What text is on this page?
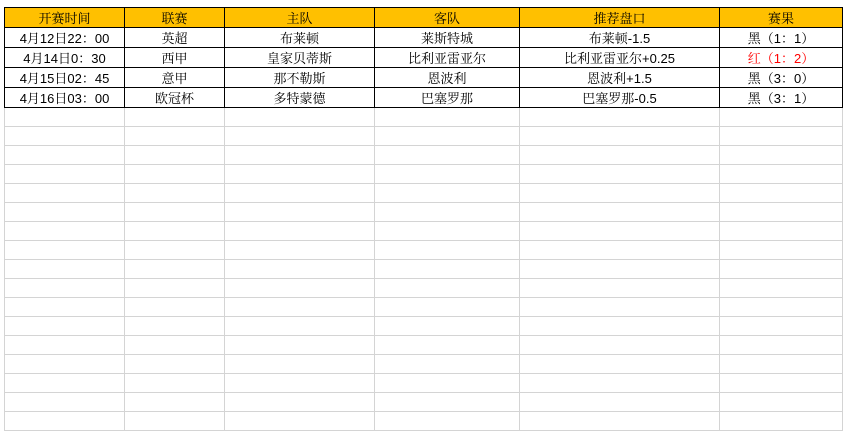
开赛时间	联赛	主队	客队	推荐盘口	赛果
4月12日22：00	英超	布莱顿	莱斯特城	布莱顿-1.5	黑（1：1）
4月14日0：30	西甲	皇家贝蒂斯	比利亚雷亚尔	比利亚雷亚尔+0.25	红（1：2）
4月15日02：45	意甲	那不勒斯	恩波利	恩波利+1.5	黑（3：0）
4月16日03：00	欧冠杯	多特蒙德	巴塞罗那	巴塞罗那-0.5	黑（3：1）
